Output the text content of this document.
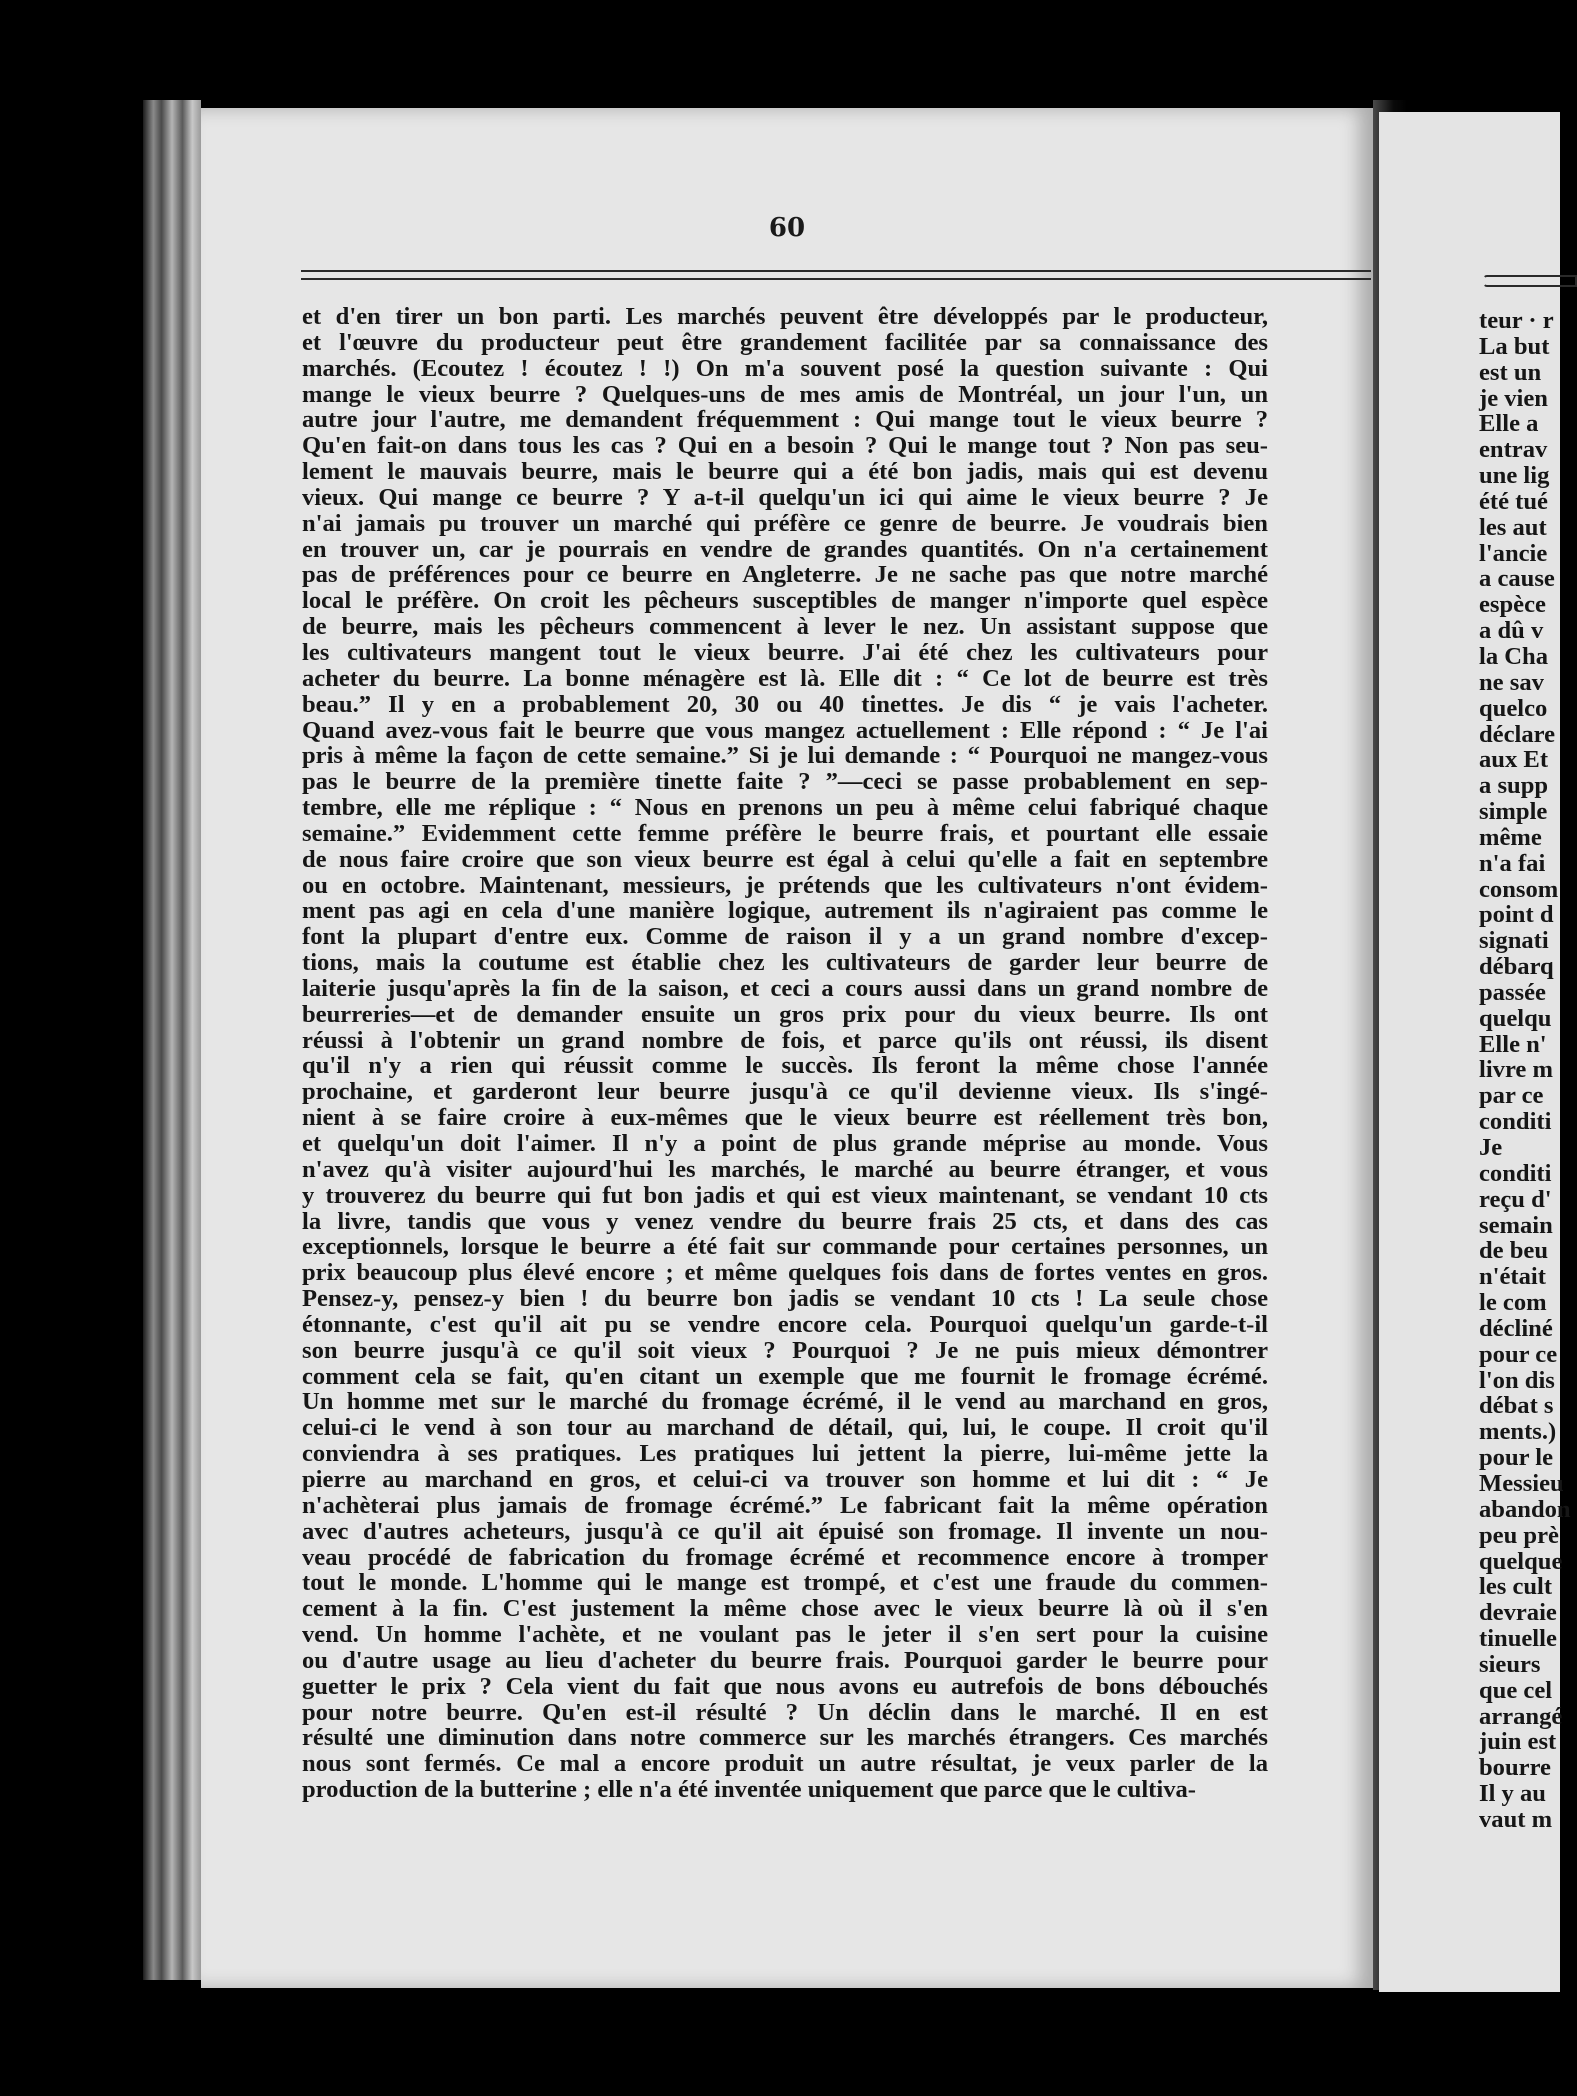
60
et d'en tirer un bon parti. Les marchés peuvent être développés par le producteur,
et l'œuvre du producteur peut être grandement facilitée par sa connaissance des
marchés. (Ecoutez ! écoutez ! !) On m'a souvent posé la question suivante : Qui
mange le vieux beurre ? Quelques-uns de mes amis de Montréal, un jour l'un, un
autre jour l'autre, me demandent fréquemment : Qui mange tout le vieux beurre ?
Qu'en fait-on dans tous les cas ? Qui en a besoin ? Qui le mange tout ? Non pas seu-
lement le mauvais beurre, mais le beurre qui a été bon jadis, mais qui est devenu
vieux. Qui mange ce beurre ? Y a-t-il quelqu'un ici qui aime le vieux beurre ? Je
n'ai jamais pu trouver un marché qui préfère ce genre de beurre. Je voudrais bien
en trouver un, car je pourrais en vendre de grandes quantités. On n'a certainement
pas de préférences pour ce beurre en Angleterre. Je ne sache pas que notre marché
local le préfère. On croit les pêcheurs susceptibles de manger n'importe quel espèce
de beurre, mais les pêcheurs commencent à lever le nez. Un assistant suppose que
les cultivateurs mangent tout le vieux beurre. J'ai été chez les cultivateurs pour
acheter du beurre. La bonne ménagère est là. Elle dit : “ Ce lot de beurre est très
beau.” Il y en a probablement 20, 30 ou 40 tinettes. Je dis “ je vais l'acheter.
Quand avez-vous fait le beurre que vous mangez actuellement : Elle répond : “ Je l'ai
pris à même la façon de cette semaine.” Si je lui demande : “ Pourquoi ne mangez-vous
pas le beurre de la première tinette faite ? ”—ceci se passe probablement en sep-
tembre, elle me réplique : “ Nous en prenons un peu à même celui fabriqué chaque
semaine.” Evidemment cette femme préfère le beurre frais, et pourtant elle essaie
de nous faire croire que son vieux beurre est égal à celui qu'elle a fait en septembre
ou en octobre. Maintenant, messieurs, je prétends que les cultivateurs n'ont évidem-
ment pas agi en cela d'une manière logique, autrement ils n'agiraient pas comme le
font la plupart d'entre eux. Comme de raison il y a un grand nombre d'excep-
tions, mais la coutume est établie chez les cultivateurs de garder leur beurre de
laiterie jusqu'après la fin de la saison, et ceci a cours aussi dans un grand nombre de
beurreries—et de demander ensuite un gros prix pour du vieux beurre. Ils ont
réussi à l'obtenir un grand nombre de fois, et parce qu'ils ont réussi, ils disent
qu'il n'y a rien qui réussit comme le succès. Ils feront la même chose l'année
prochaine, et garderont leur beurre jusqu'à ce qu'il devienne vieux. Ils s'ingé-
nient à se faire croire à eux-mêmes que le vieux beurre est réellement très bon,
et quelqu'un doit l'aimer. Il n'y a point de plus grande méprise au monde. Vous
n'avez qu'à visiter aujourd'hui les marchés, le marché au beurre étranger, et vous
y trouverez du beurre qui fut bon jadis et qui est vieux maintenant, se vendant 10 cts
la livre, tandis que vous y venez vendre du beurre frais 25 cts, et dans des cas
exceptionnels, lorsque le beurre a été fait sur commande pour certaines personnes, un
prix beaucoup plus élevé encore ; et même quelques fois dans de fortes ventes en gros.
Pensez-y, pensez-y bien ! du beurre bon jadis se vendant 10 cts ! La seule chose
étonnante, c'est qu'il ait pu se vendre encore cela. Pourquoi quelqu'un garde-t-il
son beurre jusqu'à ce qu'il soit vieux ? Pourquoi ? Je ne puis mieux démontrer
comment cela se fait, qu'en citant un exemple que me fournit le fromage écrémé.
Un homme met sur le marché du fromage écrémé, il le vend au marchand en gros,
celui-ci le vend à son tour au marchand de détail, qui, lui, le coupe. Il croit qu'il
conviendra à ses pratiques. Les pratiques lui jettent la pierre, lui-même jette la
pierre au marchand en gros, et celui-ci va trouver son homme et lui dit : “ Je
n'achèterai plus jamais de fromage écrémé.” Le fabricant fait la même opération
avec d'autres acheteurs, jusqu'à ce qu'il ait épuisé son fromage. Il invente un nou-
veau procédé de fabrication du fromage écrémé et recommence encore à tromper
tout le monde. L'homme qui le mange est trompé, et c'est une fraude du commen-
cement à la fin. C'est justement la même chose avec le vieux beurre là où il s'en
vend. Un homme l'achète, et ne voulant pas le jeter il s'en sert pour la cuisine
ou d'autre usage au lieu d'acheter du beurre frais. Pourquoi garder le beurre pour
guetter le prix ? Cela vient du fait que nous avons eu autrefois de bons débouchés
pour notre beurre. Qu'en est-il résulté ? Un déclin dans le marché. Il en est
résulté une diminution dans notre commerce sur les marchés étrangers. Ces marchés
nous sont fermés. Ce mal a encore produit un autre résultat, je veux parler de la
production de la butterine ; elle n'a été inventée uniquement que parce que le cultiva-
teur · r
La but
est un
je vien
Elle a
entrav
une lig
été tué
les aut
l'ancie
a cause
espèce
a dû v
la Cha
ne sav
quelco
déclare
aux Et
a supp
simple
même
n'a fai
consom
point d
signati
débarq
passée
quelqu
Elle n'
livre m
par ce
conditi
Je
conditi
reçu d'
semain
de beu
n'était
le com
décliné
pour ce
l'on dis
débat s
ments.)
pour le
Messieu
abandon
peu prè
quelque
les cult
devraie
tinuelle
sieurs
que cel
arrangé
juin est
bourre
Il y au
vaut m
